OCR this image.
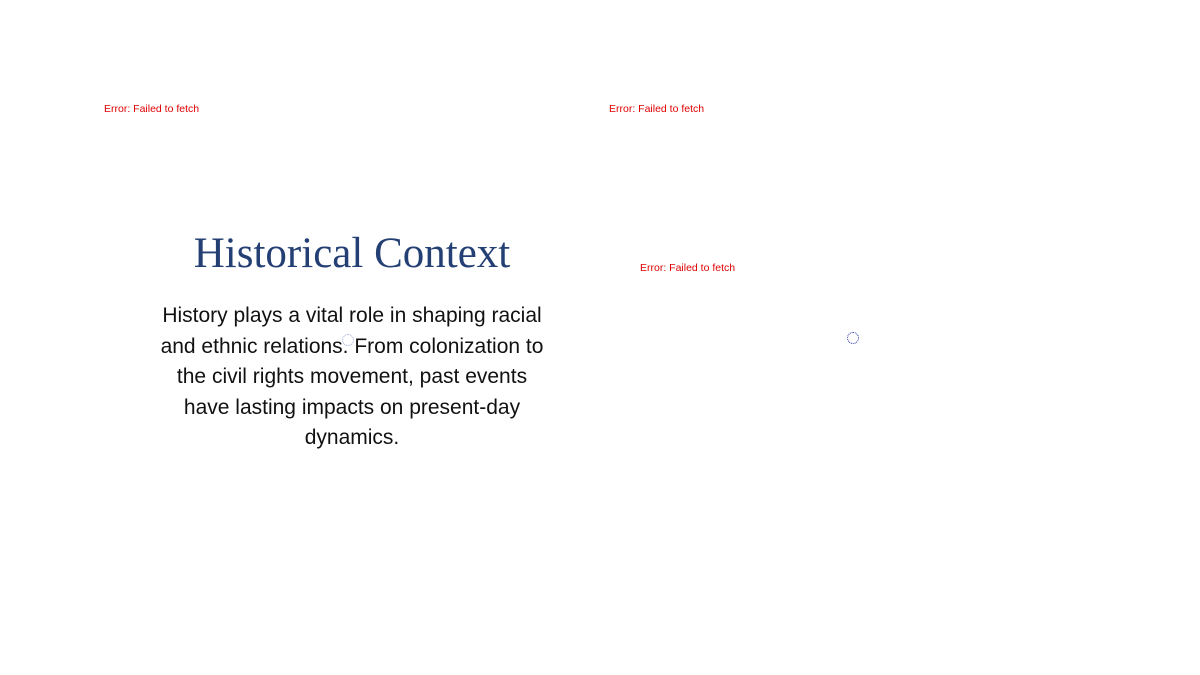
Error: Failed to fetch
Historical Context

History plays a vital role in shaping racial and ethnic relations. From colonization to the civil rights movement, past events have lasting impacts on present-day dynamics.

Error: Failed to fetch
Error: Failed to fetch
